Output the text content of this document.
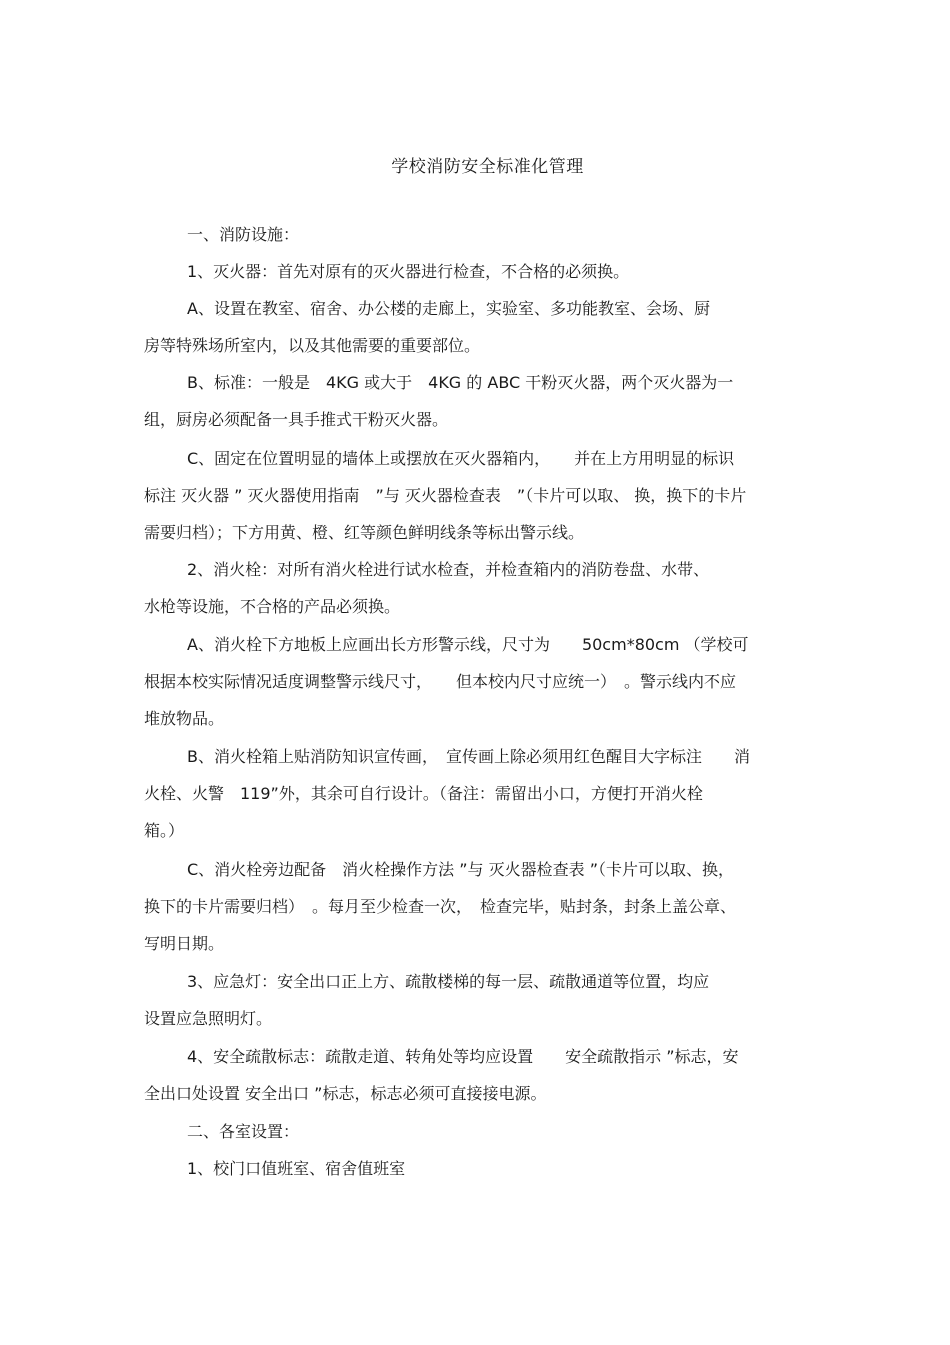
学校消防安全标准化管理
一、消防设施：
1、灭火器：首先对原有的灭火器进行检查，不合格的必须换。
A、设置在教室、宿舍、办公楼的走廊上，实验室、多功能教室、会场、厨
房等特殊场所室内，以及其他需要的重要部位。
B、标准：一般是　4KG 或大于　4KG 的 ABC 干粉灭火器，两个灭火器为一
组，厨房必须配备一具手推式干粉灭火器。
C、固定在位置明显的墙体上或摆放在灭火器箱内，　　并在上方用明显的标识
标注 灭火器 ” 灭火器使用指南　”与 灭火器检查表　”（卡片可以取、 换，换下的卡片
需要归档）；下方用黄、橙、红等颜色鲜明线条等标出警示线。
2、消火栓：对所有消火栓进行试水检查，并检查箱内的消防卷盘、水带、
水枪等设施，不合格的产品必须换。
A、消火栓下方地板上应画出长方形警示线，尺寸为　　50cm*80cm （学校可
根据本校实际情况适度调整警示线尺寸，　　但本校内尺寸应统一）　。警示线内不应
堆放物品。
B、消火栓箱上贴消防知识宣传画，　宣传画上除必须用红色醒目大字标注　　消
火栓、火警　119”外，其余可自行设计。（备注：需留出小口，方便打开消火栓
箱。）
C、消火栓旁边配备　消火栓操作方法 ”与 灭火器检查表 ”（卡片可以取、换，
换下的卡片需要归档）　。每月至少检查一次，　检查完毕，贴封条，封条上盖公章、
写明日期。
3、应急灯：安全出口正上方、疏散楼梯的每一层、疏散通道等位置，均应
设置应急照明灯。
4、安全疏散标志：疏散走道、转角处等均应设置　　安全疏散指示 ”标志，安
全出口处设置 安全出口 ”标志，标志必须可直接接电源。
二、各室设置：
1、校门口值班室、宿舍值班室
